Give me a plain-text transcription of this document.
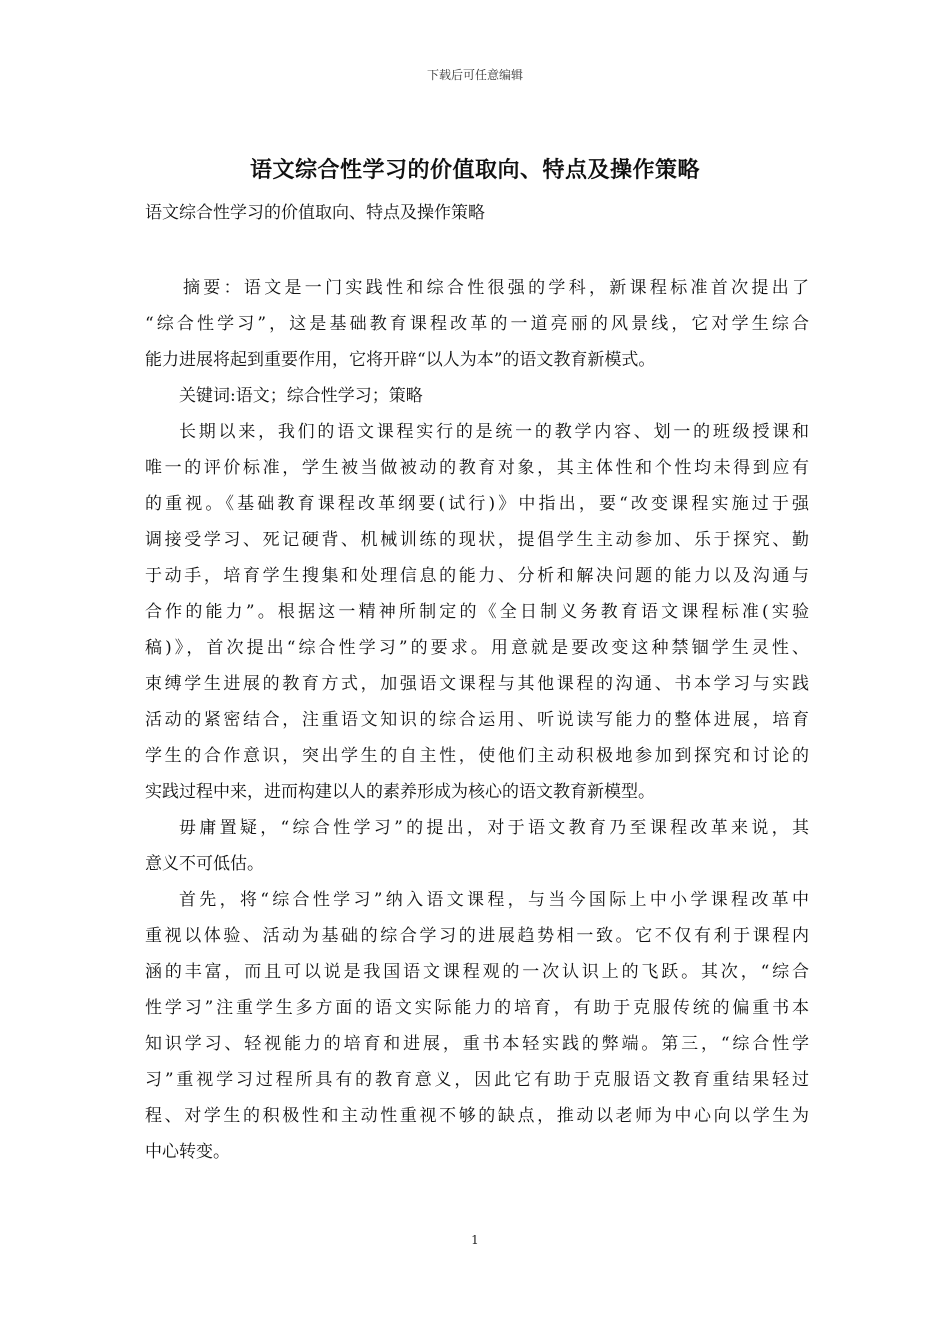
下载后可任意编辑
语文综合性学习的价值取向、特点及操作策略
语文综合性学习的价值取向、特点及操作策略
摘要：语文是一门实践性和综合性很强的学科，新课程标准首次提出了
“综合性学习”，这是基础教育课程改革的一道亮丽的风景线，它对学生综合
能力进展将起到重要作用，它将开辟“以人为本”的语文教育新模式。
关键词:语文；综合性学习；策略
长期以来，我们的语文课程实行的是统一的教学内容、划一的班级授课和
唯一的评价标准，学生被当做被动的教育对象，其主体性和个性均未得到应有
的重视。《基础教育课程改革纲要(试行)》中指出，要“改变课程实施过于强
调接受学习、死记硬背、机械训练的现状，提倡学生主动参加、乐于探究、勤
于动手，培育学生搜集和处理信息的能力、分析和解决问题的能力以及沟通与
合作的能力”。根据这一精神所制定的《全日制义务教育语文课程标准(实验
稿)》，首次提出“综合性学习”的要求。用意就是要改变这种禁锢学生灵性、
束缚学生进展的教育方式，加强语文课程与其他课程的沟通、书本学习与实践
活动的紧密结合，注重语文知识的综合运用、听说读写能力的整体进展，培育
学生的合作意识，突出学生的自主性，使他们主动积极地参加到探究和讨论的
实践过程中来，进而构建以人的素养形成为核心的语文教育新模型。
毋庸置疑，“综合性学习”的提出，对于语文教育乃至课程改革来说，其
意义不可低估。
首先，将“综合性学习”纳入语文课程，与当今国际上中小学课程改革中
重视以体验、活动为基础的综合学习的进展趋势相一致。它不仅有利于课程内
涵的丰富，而且可以说是我国语文课程观的一次认识上的飞跃。其次，“综合
性学习”注重学生多方面的语文实际能力的培育，有助于克服传统的偏重书本
知识学习、轻视能力的培育和进展，重书本轻实践的弊端。第三，“综合性学
习”重视学习过程所具有的教育意义，因此它有助于克服语文教育重结果轻过
程、对学生的积极性和主动性重视不够的缺点，推动以老师为中心向以学生为
中心转变。
1
